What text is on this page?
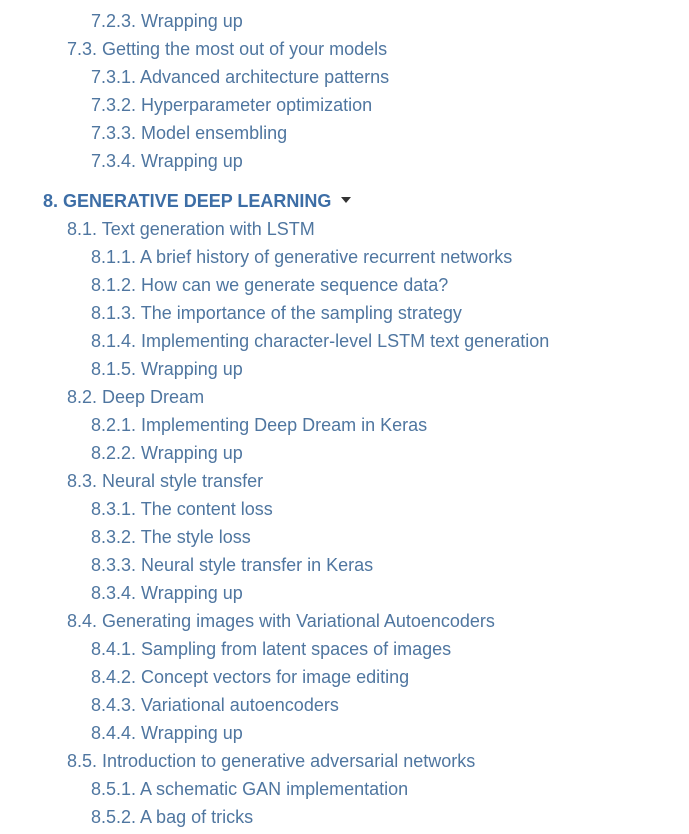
7.2.3. Wrapping up
7.3. Getting the most out of your models
7.3.1. Advanced architecture patterns
7.3.2. Hyperparameter optimization
7.3.3. Model ensembling
7.3.4. Wrapping up
8. GENERATIVE DEEP LEARNING
8.1. Text generation with LSTM
8.1.1. A brief history of generative recurrent networks
8.1.2. How can we generate sequence data?
8.1.3. The importance of the sampling strategy
8.1.4. Implementing character-level LSTM text generation
8.1.5. Wrapping up
8.2. Deep Dream
8.2.1. Implementing Deep Dream in Keras
8.2.2. Wrapping up
8.3. Neural style transfer
8.3.1. The content loss
8.3.2. The style loss
8.3.3. Neural style transfer in Keras
8.3.4. Wrapping up
8.4. Generating images with Variational Autoencoders
8.4.1. Sampling from latent spaces of images
8.4.2. Concept vectors for image editing
8.4.3. Variational autoencoders
8.4.4. Wrapping up
8.5. Introduction to generative adversarial networks
8.5.1. A schematic GAN implementation
8.5.2. A bag of tricks
